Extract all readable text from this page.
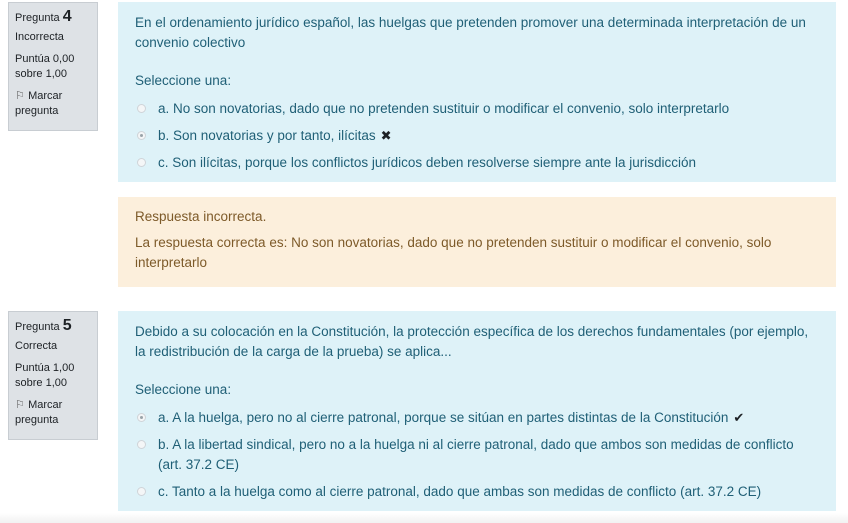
Pregunta 4
Incorrecta
Puntúa 0,00 sobre 1,00
⚐ Marcar pregunta
En el ordenamiento jurídico español, las huelgas que pretenden promover una determinada interpretación de un convenio colectivo
Seleccione una:
a. No son novatorias, dado que no pretenden sustituir o modificar el convenio, solo interpretarlo
b. Son novatorias y por tanto, ilícitas ✖
c. Son ilícitas, porque los conflictos jurídicos deben resolverse siempre ante la jurisdicción
Respuesta incorrecta.
La respuesta correcta es: No son novatorias, dado que no pretenden sustituir o modificar el convenio, solo interpretarlo
Pregunta 5
Correcta
Puntúa 1,00 sobre 1,00
⚐ Marcar pregunta
Debido a su colocación en la Constitución, la protección específica de los derechos fundamentales (por ejemplo, la redistribución de la carga de la prueba) se aplica...
Seleccione una:
a. A la huelga, pero no al cierre patronal, porque se sitúan en partes distintas de la Constitución ✔
b. A la libertad sindical, pero no a la huelga ni al cierre patronal, dado que ambos son medidas de conflicto (art. 37.2 CE)
c. Tanto a la huelga como al cierre patronal, dado que ambas son medidas de conflicto (art. 37.2 CE)
